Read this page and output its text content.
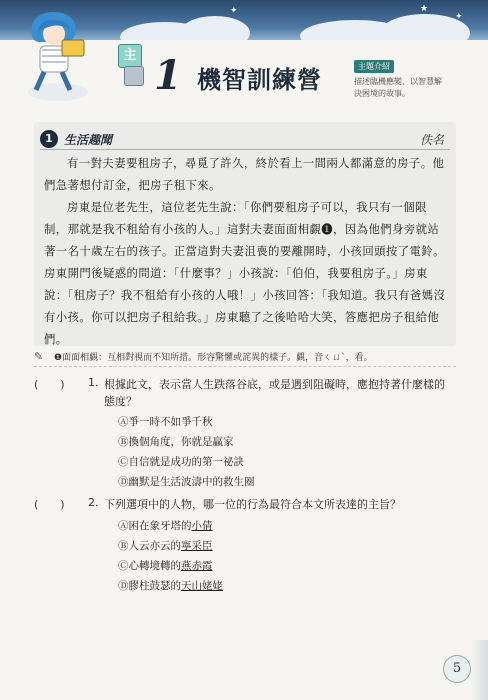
✦	★
✦
主 1 機智訓練營	主題介紹
描述臨機應變、以智慧解
決困境的故事。
1 生活趣聞	佚名

有一對夫妻要租房子，尋覓了許久，終於看上一間兩人都滿意的房子。他們急著想付訂金，把房子租下來。

房東是位老先生，這位老先生說：「你們要租房子可以，我只有一個限制，那就是我不租給有小孩的人。」這對夫妻面面相覷❶，因為他們身旁就站著一名十歲左右的孩子。正當這對夫妻沮喪的要離開時，小孩回頭按了電鈴。房東開門後疑惑的問道：「什麼事？」小孩說：「伯伯，我要租房子。」房東說：「租房子？我不租給有小孩的人哦！」小孩回答：「我知道。我只有爸媽沒有小孩。你可以把房子租給我。」房東聽了之後哈哈大笑，答應把房子租給他們。

✎ ❶面面相覷：互相對視而不知所措。形容驚懼或詫異的樣子。覷，音ㄑㄩˋ，看。
(　　) 1. 根據此文，表示當人生跌落谷底，或是遇到阻礙時，應抱持著什麼樣的態度？
Ⓐ爭一時不如爭千秋
Ⓑ換個角度，你就是贏家
Ⓒ自信就是成功的第一祕訣
Ⓓ幽默是生活波濤中的救生圈
(　　) 2. 下列選項中的人物，哪一位的行為最符合本文所表達的主旨？
Ⓐ困在象牙塔的小倩
Ⓑ人云亦云的寧采臣
Ⓒ心轉境轉的燕赤霞
Ⓓ膠柱鼓瑟的天山姥姥
5
